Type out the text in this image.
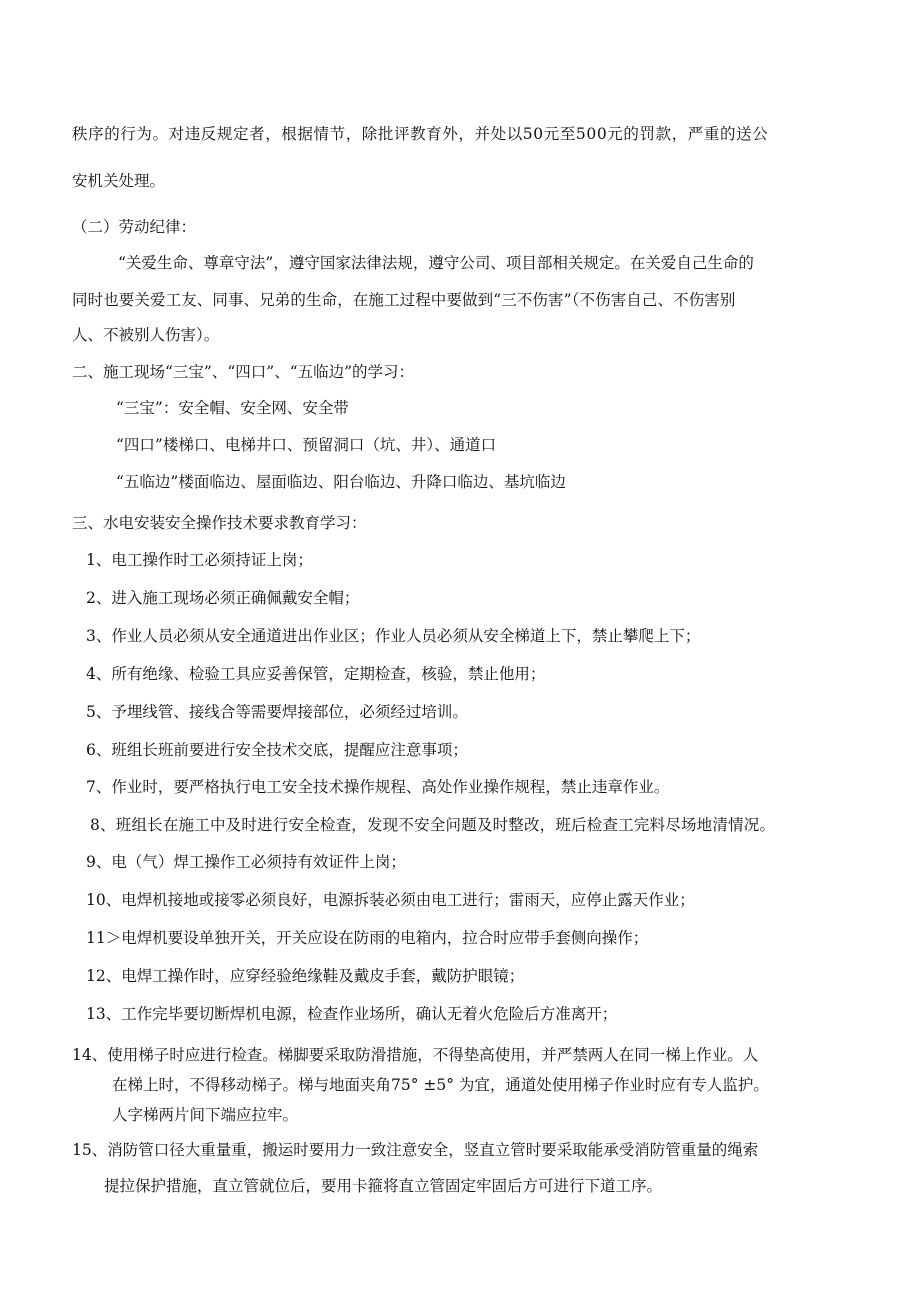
秩序的行为。对违反规定者，根据情节，除批评教育外，并处以50元至500元的罚款，严重的送公
安机关处理。
（二）劳动纪律：
“关爱生命、尊章守法”，遵守国家法律法规，遵守公司、项目部相关规定。在关爱自己生命的
同时也要关爱工友、同事、兄弟的生命，在施工过程中要做到“三不伤害”（不伤害自己、不伤害别
人、不被别人伤害）。
二、施工现场“三宝”、“四口”、“五临边”的学习：
“三宝”：安全帽、安全网、安全带
“四口”楼梯口、电梯井口、预留洞口（坑、井）、通道口
“五临边”楼面临边、屋面临边、阳台临边、升降口临边、基坑临边
三、水电安装安全操作技术要求教育学习：
1、电工操作时工必须持证上岗；
2、进入施工现场必须正确佩戴安全帽；
3、作业人员必须从安全通道进出作业区；作业人员必须从安全梯道上下，禁止攀爬上下；
4、所有绝缘、检验工具应妥善保管，定期检查，核验，禁止他用；
5、予埋线管、接线合等需要焊接部位，必须经过培训。
6、班组长班前要进行安全技术交底，提醒应注意事项；
7、作业时，要严格执行电工安全技术操作规程、高处作业操作规程，禁止违章作业。
8、班组长在施工中及时进行安全检查，发现不安全问题及时整改，班后检查工完料尽场地清情况。
9、电（气）焊工操作工必须持有效证件上岗；
10、电焊机接地或接零必须良好，电源拆装必须由电工进行；雷雨天，应停止露天作业；
11＞电焊机要设单独开关，开关应设在防雨的电箱内，拉合时应带手套侧向操作；
12、电焊工操作时，应穿经验绝缘鞋及戴皮手套，戴防护眼镜；
13、工作完毕要切断焊机电源，检查作业场所，确认无着火危险后方准离开；
14、使用梯子时应进行检查。梯脚要采取防滑措施，不得垫高使用，并严禁两人在同一梯上作业。人
在梯上时，不得移动梯子。梯与地面夹角75° ±5° 为宜，通道处使用梯子作业时应有专人监护。
人字梯两片间下端应拉牢。
15、消防管口径大重量重，搬运时要用力一致注意安全，竖直立管时要采取能承受消防管重量的绳索
提拉保护措施，直立管就位后，要用卡箍将直立管固定牢固后方可进行下道工序。
